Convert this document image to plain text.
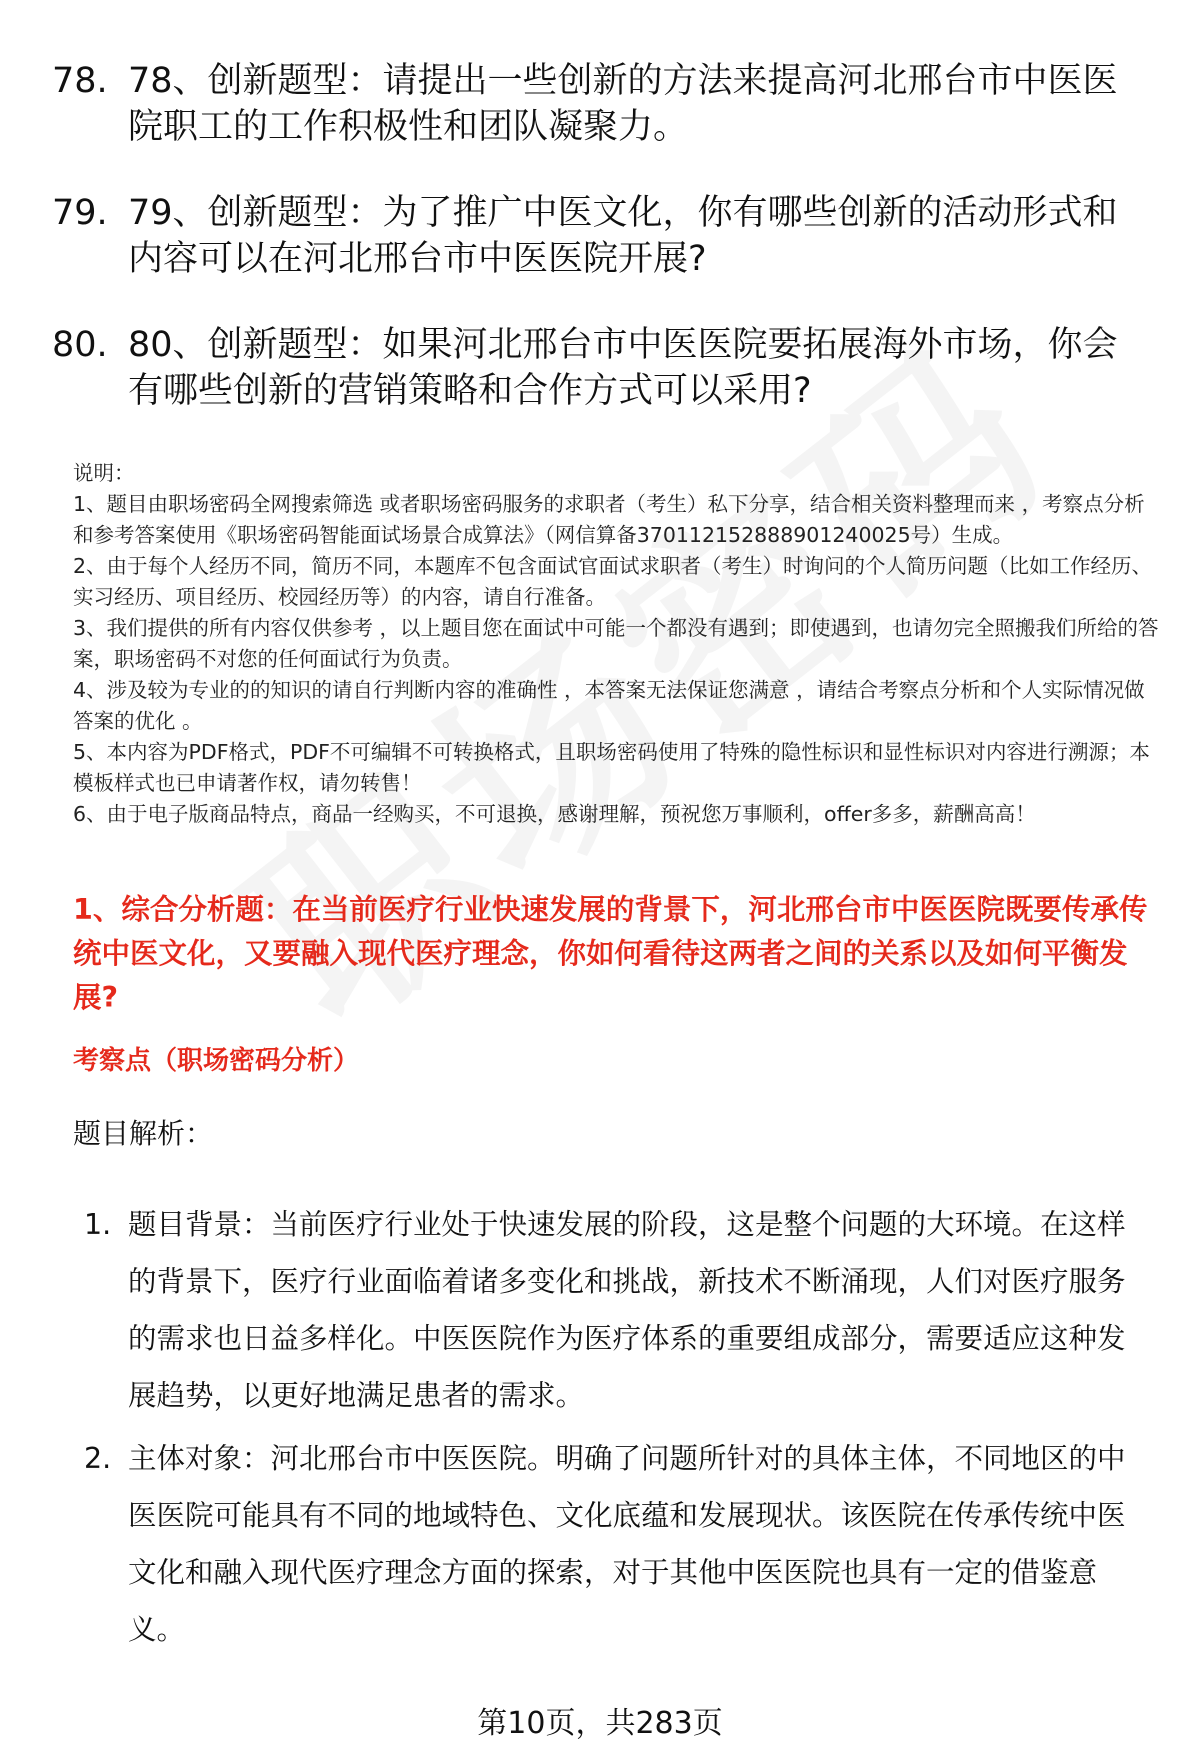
78. 78、创新题型：请提出一些创新的方法来提高河北邢台市中医医院职工的工作积极性和团队凝聚力。
79. 79、创新题型：为了推广中医文化，你有哪些创新的活动形式和内容可以在河北邢台市中医医院开展?
80. 80、创新题型：如果河北邢台市中医医院要拓展海外市场，你会有哪些创新的营销策略和合作方式可以采用?
说明：
1、题目由职场密码全网搜索筛选 或者职场密码服务的求职者（考生）私下分享，结合相关资料整理而来 ，考察点分析和参考答案使用《职场密码智能面试场景合成算法》（网信算备370112152888901240025号）生成。
2、由于每个人经历不同，简历不同，本题库不包含面试官面试求职者（考生）时询问的个人简历问题（比如工作经历、实习经历、项目经历、校园经历等）的内容，请自行准备。
3、我们提供的所有内容仅供参考 ，以上题目您在面试中可能一个都没有遇到；即使遇到，也请勿完全照搬我们所给的答案，职场密码不对您的任何面试行为负责。
4、涉及较为专业的的知识的请自行判断内容的准确性 ，本答案无法保证您满意 ，请结合考察点分析和个人实际情况做答案的优化 。
5、本内容为PDF格式，PDF不可编辑不可转换格式，且职场密码使用了特殊的隐性标识和显性标识对内容进行溯源；本模板样式也已申请著作权，请勿转售！
6、由于电子版商品特点，商品一经购买，不可退换，感谢理解，预祝您万事顺利，offer多多，薪酬高高！
1、综合分析题：在当前医疗行业快速发展的背景下，河北邢台市中医医院既要传承传统中医文化，又要融入现代医疗理念，你如何看待这两者之间的关系以及如何平衡发展?
考察点（职场密码分析）
题目解析：
1. 题目背景：当前医疗行业处于快速发展的阶段，这是整个问题的大环境。在这样的背景下，医疗行业面临着诸多变化和挑战，新技术不断涌现，人们对医疗服务的需求也日益多样化。中医医院作为医疗体系的重要组成部分，需要适应这种发展趋势，以更好地满足患者的需求。
2. 主体对象：河北邢台市中医医院。明确了问题所针对的具体主体，不同地区的中医医院可能具有不同的地域特色、文化底蕴和发展现状。该医院在传承传统中医文化和融入现代医疗理念方面的探索，对于其他中医医院也具有一定的借鉴意义。
第10页，共283页
